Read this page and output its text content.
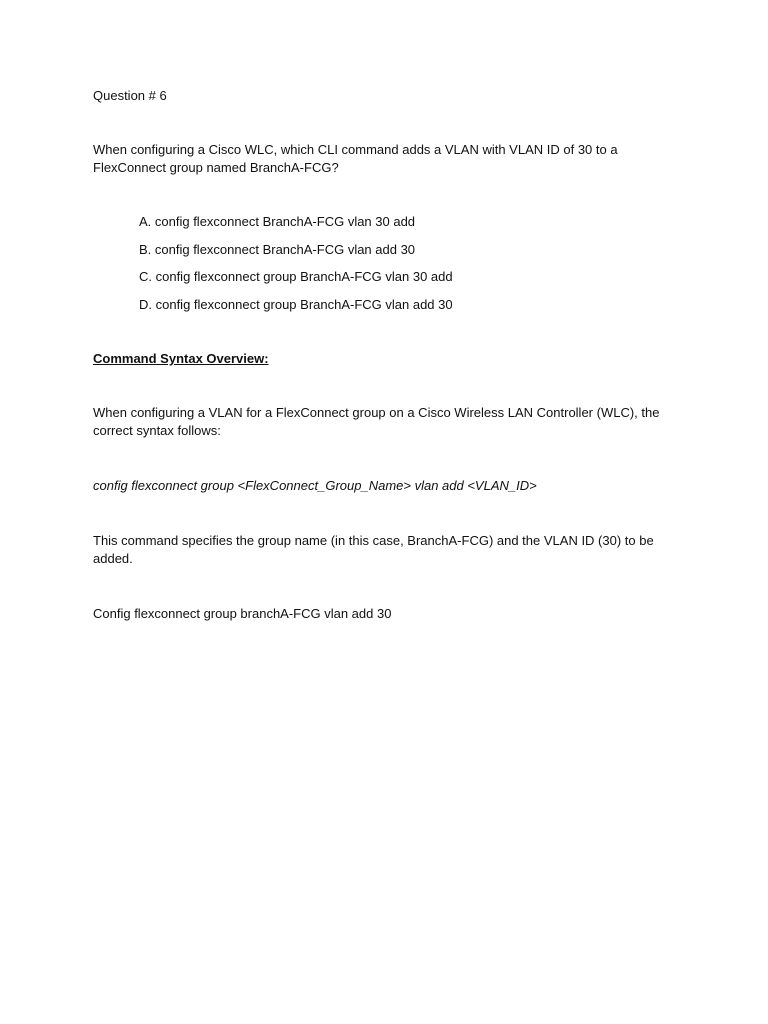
Question # 6
When configuring a Cisco WLC, which CLI command adds a VLAN with VLAN ID of 30 to a FlexConnect group named BranchA-FCG?
A. config flexconnect BranchA-FCG vlan 30 add
B. config flexconnect BranchA-FCG vlan add 30
C. config flexconnect group BranchA-FCG vlan 30 add
D. config flexconnect group BranchA-FCG vlan add 30
Command Syntax Overview:
When configuring a VLAN for a FlexConnect group on a Cisco Wireless LAN Controller (WLC), the correct syntax follows:
config flexconnect group <FlexConnect_Group_Name> vlan add <VLAN_ID>
This command specifies the group name (in this case, BranchA-FCG) and the VLAN ID (30) to be added.
Config flexconnect group branchA-FCG vlan add 30
